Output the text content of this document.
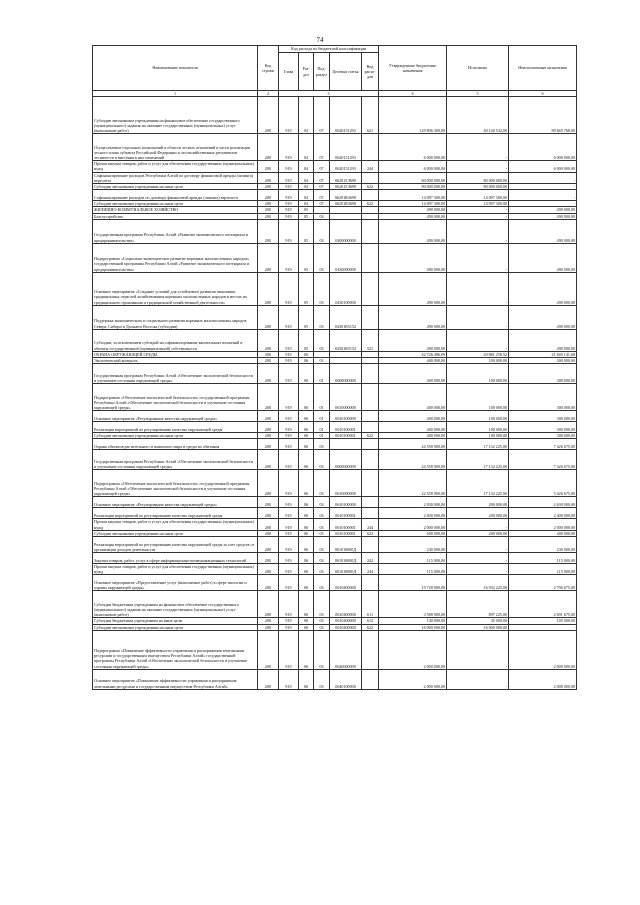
74
Наименование показателя	Код строки	Код расхода по бюджетной классификации					Утвержденные бюджетные назначения	Исполнено	Неисполненные назначения
		Глава	Раз-дел	Под-раздел	Целевая статья	Вид расхо-дов			
1	2	3					4	5	6
Субсидии автономным учреждениям на финансовое обеспечение государственного (муниципального) задания на оказание государственных (муниципальных) услуг (выполнение работ)	200	919	04	07	0620151292	621	129 806 300,00	40 140 532,00	89 665 768,00
Осуществление отдельных полномочий в области лесных отношений в части реализации лесного плана субъекта Российской Федерации и лесохозяйственных регламентов лесничеств и внесения в них изменений	200	919	04	07	0620151293		6 000 000,00	-	6 000 000,00
Прочая закупка товаров, работ и услуг для обеспечения государственных (муниципальных) нужд	200	919	04	07	0620151293	244	6 000 000,00	-	6 000 000,00
Софинансирование расходов Республики Алтай по договору финансовой аренды (лизинга) вертолета	200	919	04	07	062015Э690		80 000 000,00	80 000 000,00	-
Субсидии автономным учреждениям на иные цели	200	919	04	07	062015Э690	622	80 000 000,00	80 000 000,00	-
Софинансирование расходов по договору финансовой аренды (лизинга) вертолета	200	919	04	07	06201R3690		14 097 300,00	14 097 300,00	-
Субсидии автономным учреждениям на иные цели	200	919	04	07	06201R3690	622	14 097 300,00	14 097 300,00	-
ЖИЛИЩНО-КОММУНАЛЬНОЕ ХОЗЯЙСТВО	200	919	05				490 000,00	-	490 000,00
Благоустройство	200	919	05	03			490 000,00	-	490 000,00
Государственная программа Республики Алтай «Развитие экономического потенциала и предпринимательства»	200	919	05	03	0400000000		490 000,00	-	490 000,00
Подпрограмма «Социально-экономическое развитие коренных малочисленных народов» государственной программы Республики Алтай «Развитие экономического потенциала и предпринимательства»	200	919	05	03	0430000000		490 000,00	-	490 000,00
Основное мероприятие «Создание условий для устойчивого развития экономики традиционных отраслей хозяйствования коренных малочисленных народов в местах их традиционного проживания и традиционной хозяйственной деятельности»	200	919	05	03	0430100000		490 000,00	-	490 000,00
Поддержка экономического и социального развития коренных малочисленных народов Севера, Сибири и Дальнего Востока (субсидии)	200	919	05	03	04301R5152		490 000,00	-	490 000,00
Субсидии, за исключением субсидий на софинансирование капитальных вложений в объекты государственной (муниципальной) собственности	200	919	05	03	04301R5152	521	490 000,00	-	490 000,00
ОХРАНА ОКРУЖАЮЩЕЙ СРЕДЫ	200	919	06				42 726 496,09	20 881 258,52	21 845 141,68
Экологический контроль	200	919	06	01			400 000,00	100 000,00	300 000,00
Государственная программа Республики Алтай «Обеспечение экологической безопасности и улучшение состояния окружающей среды»	200	919	06	01	0600000000		400 000,00	100 000,00	300 000,00
Подпрограмма «Обеспечение экологической безопасности» государственной программы Республики Алтай «Обеспечение экологической безопасности и улучшение состояния окружающей среды»	200	919	06	01	0610000000		400 000,00	100 000,00	300 000,00
Основное мероприятие «Регулирование качества окружающей среды»	200	919	06	01	0610100000		400 000,00	100 000,00	300 000,00
Реализация мероприятий по регулированию качества окружающей среды	200	919	06	01	0610100001		400 000,00	100 000,00	300 000,00
Субсидии автономным учреждениям на иные цели	200	919	06	01	0610100001	622	400 000,00	100 000,00	300 000,00
Охрана объектов растительного и животного мира и среды их обитания	200	919	06	03			24 558 900,00	17 132 225,00	7 426 675,00
Государственная программа Республики Алтай «Обеспечение экологической безопасности и улучшение состояния окружающей среды»	200	919	06	03	0600000000		24 558 900,00	17 132 225,00	7 426 675,00
Подпрограмма «Обеспечение экологической безопасности» государственной программы Республики Алтай «Обеспечение экологической безопасности и улучшение состояния окружающей среды»	200	919	06	03	0610000000		22 558 900,00	17 132 225,00	5 426 675,00
Основное мероприятие «Регулирование качества окружающей среды»	200	919	06	03	0610100000		2 830 000,00	200 000,00	2 630 000,00
Реализация мероприятий по регулированию качества окружающей среды	200	919	06	03	0610100001		2 600 000,00	200 000,00	2 400 000,00
Прочая закупка товаров, работ и услуг для обеспечения государственных (муниципальных) нужд	200	919	06	03	0610100001	244	2 000 000,00	-	2 000 000,00
Субсидии автономным учреждениям на иные цели	200	919	06	03	0610100001	622	600 000,00	200 000,00	400 000,00
Реализация мероприятий по регулированию качества окружающей среды за счет средств от организации доходов деятельности	200	919	06	03	061010000Д		230 000,00	-	230 000,00
Закупка товаров, работ, услуг в сфере информационно-коммуникационных технологий	200	919	06	03	061010000Д	242	115 000,00	-	115 000,00
Прочая закупка товаров, работ и услуг для обеспечения государственных (муниципальных) нужд	200	919	06	03	061010000Д	244	115 000,00	-	115 000,00
Основное мероприятие «Предоставление услуг (выполнение работ) в сфере экологии и охраны окружающей среды»	200	919	06	03	0610400000		19 728 900,00	16 932 225,00	2 796 675,00
Субсидии бюджетным учреждениям на финансовое обеспечение государственного (муниципального) задания на оказание государственных (муниципальных) услуг (выполнение работ)	200	919	06	03	0610400000	611	3 588 900,00	897 225,00	2 691 675,00
Субсидии бюджетным учреждениям на иные цели	200	919	06	03	0610400000	612	140 000,00	35 000,00	105 000,00
Субсидии автономным учреждениям на иные цели	200	919	06	03	0610400000	622	16 000 000,00	16 000 000,00	-
Подпрограмма «Повышение эффективности управления и распоряжения земельными ресурсами и государственным имуществом Республики Алтай» государственной программы Республики Алтай «Обеспечение экологической безопасности и улучшение состояния окружающей среды»	200	919	06	03	0640000000		2 000 000,00	-	2 000 000,00
Основное мероприятие «Повышение эффективности управления и распоряжения земельными ресурсами и государственным имуществом Республики Алтай»	200	919	06	03	0640100000		2 000 000,00	-	2 000 000,00
